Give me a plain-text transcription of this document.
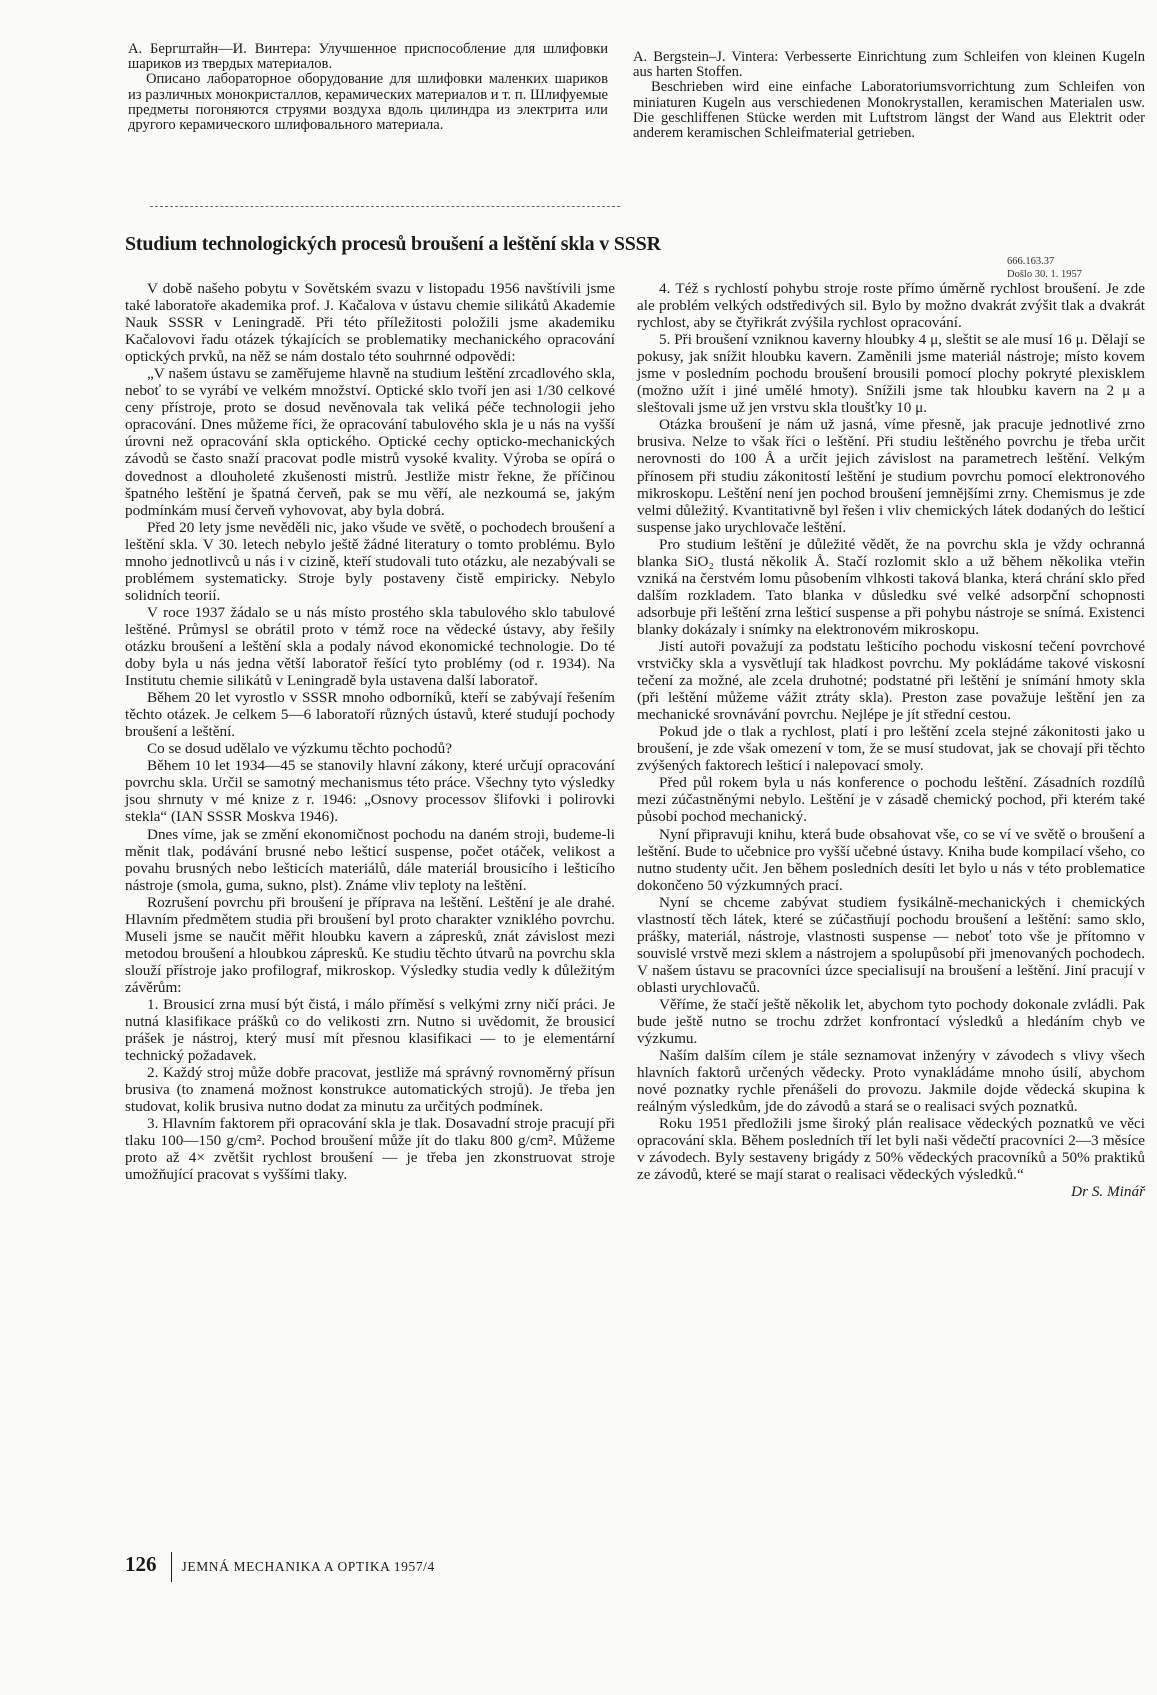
А. Бергштайн—И. Винтера: Улучшенное приспособление для шлифовки шариков из твердых материалов.

Описано лабораторное оборудование для шлифовки маленких шариков из различных монокристаллов, керамических материалов и т. п. Шлифуемые предметы погоняются струями воздуха вдоль цилиндра из электрита или другого керамического шлифовального материала.

A. Bergstein–J. Vintera: Verbesserte Einrichtung zum Schleifen von kleinen Kugeln aus harten Stoffen.

Beschrieben wird eine einfache Laboratoriumsvorrichtung zum Schleifen von miniaturen Kugeln aus verschiedenen Monokrystallen, keramischen Materialen usw. Die geschliffenen Stücke werden mit Luftstrom längst der Wand aus Elektrit oder anderem keramischen Schleifmaterial getrieben.

Studium technologických procesů broušení a leštění skla v SSSR
666.163.37
Došlo 30. 1. 1957

V době našeho pobytu v Sovětském svazu v listopadu 1956 navštívili jsme také laboratoře akademika prof. J. Kačalova v ústavu chemie silikátů Akademie Nauk SSSR v Leningradě. Při této příležitosti položili jsme akademiku Kačalovovi řadu otázek týkajících se problematiky mechanického opracování optických prvků, na něž se nám dostalo této souhrnné odpovědi:

„V našem ústavu se zaměřujeme hlavně na studium leštění zrcadlového skla, neboť to se vyrábí ve velkém množství. Optické sklo tvoří jen asi 1/30 celkové ceny přístroje, proto se dosud nevěnovala tak veliká péče technologii jeho opracování. Dnes můžeme říci, že opracování tabulového skla je u nás na vyšší úrovni než opracování skla optického. Optické cechy opticko-mechanických závodů se často snaží pracovat podle mistrů vysoké kvality. Výroba se opírá o dovednost a dlouholeté zkušenosti mistrů. Jestliže mistr řekne, že příčinou špatného leštění je špatná červeň, pak se mu věří, ale nezkoumá se, jakým podmínkám musí červeň vyhovovat, aby byla dobrá.

Před 20 lety jsme nevěděli nic, jako všude ve světě, o pochodech broušení a leštění skla. V 30. letech nebylo ještě žádné literatury o tomto problému. Bylo mnoho jednotlivců u nás i v cizině, kteří studovali tuto otázku, ale nezabývali se problémem systematicky. Stroje byly postaveny čistě empiricky. Nebylo solidních teorií.

V roce 1937 žádalo se u nás místo prostého skla tabulového sklo tabulové leštěné. Průmysl se obrátil proto v témž roce na vědecké ústavy, aby řešily otázku broušení a leštění skla a podaly návod ekonomické technologie. Do té doby byla u nás jedna větší laboratoř řešící tyto problémy (od r. 1934). Na Institutu chemie silikátů v Leningradě byla ustavena další laboratoř.

Během 20 let vyrostlo v SSSR mnoho odborníků, kteří se zabývají řešením těchto otázek. Je celkem 5—6 laboratoří různých ústavů, které studují pochody broušení a leštění.

Co se dosud udělalo ve výzkumu těchto pochodů?

Během 10 let 1934—45 se stanovily hlavní zákony, které určují opracování povrchu skla. Určil se samotný mechanismus této práce. Všechny tyto výsledky jsou shrnuty v mé knize z r. 1946: „Osnovy processov šlifovki i polirovki stekla“ (IAN SSSR Moskva 1946).

Dnes víme, jak se změní ekonomičnost pochodu na daném stroji, budeme-li měnit tlak, podávání brusné nebo lešticí suspense, počet otáček, velikost a povahu brusných nebo lešticích materiálů, dále materiál brousicího i lešticího nástroje (smola, guma, sukno, plst). Známe vliv teploty na leštění.

Rozrušení povrchu při broušení je příprava na leštění. Leštění je ale drahé. Hlavním předmětem studia při broušení byl proto charakter vzniklého povrchu. Museli jsme se naučit měřit hloubku kavern a zápresků, znát závislost mezi metodou broušení a hloubkou zápresků. Ke studiu těchto útvarů na povrchu skla slouží přístroje jako profilograf, mikroskop. Výsledky studia vedly k důležitým závěrům:

1. Brousicí zrna musí být čistá, i málo příměsí s velkými zrny ničí práci. Je nutná klasifikace prášků co do velikosti zrn. Nutno si uvědomit, že brousicí prášek je nástroj, který musí mít přesnou klasifikaci — to je elementární technický požadavek.

2. Každý stroj může dobře pracovat, jestliže má správný rovnoměrný přísun brusiva (to znamená možnost konstrukce automatických strojů). Je třeba jen studovat, kolik brusiva nutno dodat za minutu za určitých podmínek.

3. Hlavním faktorem při opracování skla je tlak. Dosavadní stroje pracují při tlaku 100—150 g/cm². Pochod broušení může jít do tlaku 800 g/cm². Můžeme proto až 4× zvětšit rychlost broušení — je třeba jen zkonstruovat stroje umožňující pracovat s vyššími tlaky.

4. Též s rychlostí pohybu stroje roste přímo úměrně rychlost broušení. Je zde ale problém velkých odstředivých sil. Bylo by možno dvakrát zvýšit tlak a dvakrát rychlost, aby se čtyřikrát zvýšila rychlost opracování.

5. Při broušení vzniknou kaverny hloubky 4 μ, sleštit se ale musí 16 μ. Dělají se pokusy, jak snížit hloubku kavern. Zaměnili jsme materiál nástroje; místo kovem jsme v posledním pochodu broušení brousili pomocí plochy pokryté plexisklem (možno užít i jiné umělé hmoty). Snížili jsme tak hloubku kavern na 2 μ a sleštovali jsme už jen vrstvu skla tloušťky 10 μ.

Otázka broušení je nám už jasná, víme přesně, jak pracuje jednotlivé zrno brusiva. Nelze to však říci o leštění. Při studiu leštěného povrchu je třeba určit nerovnosti do 100 Å a určit jejich závislost na parametrech leštění. Velkým přínosem při studiu zákonitostí leštění je studium povrchu pomocí elektronového mikroskopu. Leštění není jen pochod broušení jemnějšími zrny. Chemismus je zde velmi důležitý. Kvantitativně byl řešen i vliv chemických látek dodaných do lešticí suspense jako urychlovače leštění.

Pro studium leštění je důležité vědět, že na povrchu skla je vždy ochranná blanka SiO₂ tlustá několik Å. Stačí rozlomit sklo a už během několika vteřin vzniká na čerstvém lomu působením vlhkosti taková blanka, která chrání sklo před dalším rozkladem. Tato blanka v důsledku své velké adsorpční schopnosti adsorbuje při leštění zrna lešticí suspense a při pohybu nástroje se snímá. Existenci blanky dokázaly i snímky na elektronovém mikroskopu.

Jistí autoři považují za podstatu lešticího pochodu viskosní tečení povrchové vrstvičky skla a vysvětlují tak hladkost povrchu. My pokládáme takové viskosní tečení za možné, ale zcela druhotné; podstatné při leštění je snímání hmoty skla (při leštění můžeme vážit ztráty skla). Preston zase považuje leštění jen za mechanické srovnávání povrchu. Nejlépe je jít střední cestou.

Pokud jde o tlak a rychlost, platí i pro leštění zcela stejné zákonitosti jako u broušení, je zde však omezení v tom, že se musí studovat, jak se chovají při těchto zvýšených faktorech lešticí i nalepovací smoly.

Před půl rokem byla u nás konference o pochodu leštění. Zásadních rozdílů mezi zúčastněnými nebylo. Leštění je v zásadě chemický pochod, při kterém také působí pochod mechanický.

Nyní připravuji knihu, která bude obsahovat vše, co se ví ve světě o broušení a leštění. Bude to učebnice pro vyšší učebné ústavy. Kniha bude kompilací všeho, co nutno studenty učit. Jen během posledních desíti let bylo u nás v této problematice dokončeno 50 výzkumných prací.

Nyní se chceme zabývat studiem fysikálně-mechanických i chemických vlastností těch látek, které se zúčastňují pochodu broušení a leštění: samo sklo, prášky, materiál, nástroje, vlastnosti suspense — neboť toto vše je přítomno v souvislé vrstvě mezi sklem a nástrojem a spolupůsobí při jmenovaných pochodech. V našem ústavu se pracovníci úzce specialisují na broušení a leštění. Jiní pracují v oblasti urychlovačů.

Věříme, že stačí ještě několik let, abychom tyto pochody dokonale zvládli. Pak bude ještě nutno se trochu zdržet konfrontací výsledků a hledáním chyb ve výzkumu.

Naším dalším cílem je stále seznamovat inženýry v závodech s vlivy všech hlavních faktorů určených vědecky. Proto vynakládáme mnoho úsilí, abychom nové poznatky rychle přenášeli do provozu. Jakmile dojde vědecká skupina k reálným výsledkům, jde do závodů a stará se o realisaci svých poznatků.

Roku 1951 předložili jsme široký plán realisace vědeckých poznatků ve věci opracování skla. Během posledních tří let byli naši vědečtí pracovníci 2—3 měsíce v závodech. Byly sestaveny brigády z 50% vědeckých pracovníků a 50% praktiků ze závodů, které se mají starat o realisaci vědeckých výsledků.“

Dr S. Minář
126 JEMNÁ MECHANIKA A OPTIKA 1957/4
